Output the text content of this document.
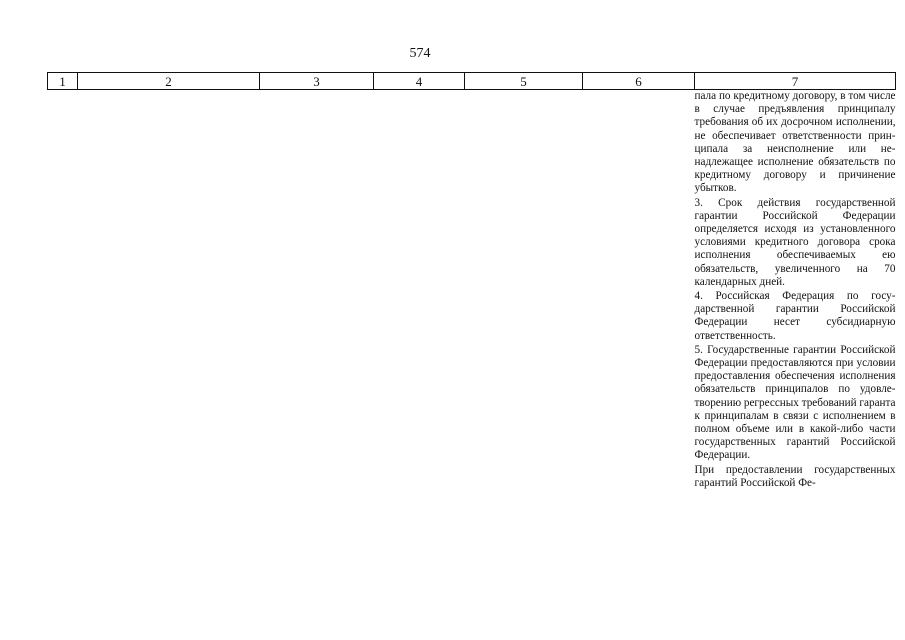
574
1	2	3	4	5	6	7

						пала по кредитному договору, в том числе в случае предъявления принципалу требования об их досрочном исполнении, не обеспечивает ответственности принципала за неисполнение или ненадлежащее исполнение обязательств по кредитному договору и причинение убытков.

3. Срок действия государственной гарантии Российской Федерации определяется исходя из установленного условиями кредитного договора срока исполнения обеспечиваемых ею обязательств, увеличенного на 70 календарных дней.

4. Российская Федерация по государственной гарантии Российской Федерации несет субсидиарную ответственность.

5. Государственные гарантии Российской Федерации предоставляются при условии предоставления обеспечения исполнения обязательств принципалов по удовлетворению регрессных требований гаранта к принципалам в связи с исполнением в полном объеме или в какой-либо части государственных гарантий Российской Федерации.

При предоставлении государственных гарантий Российской Фе-
